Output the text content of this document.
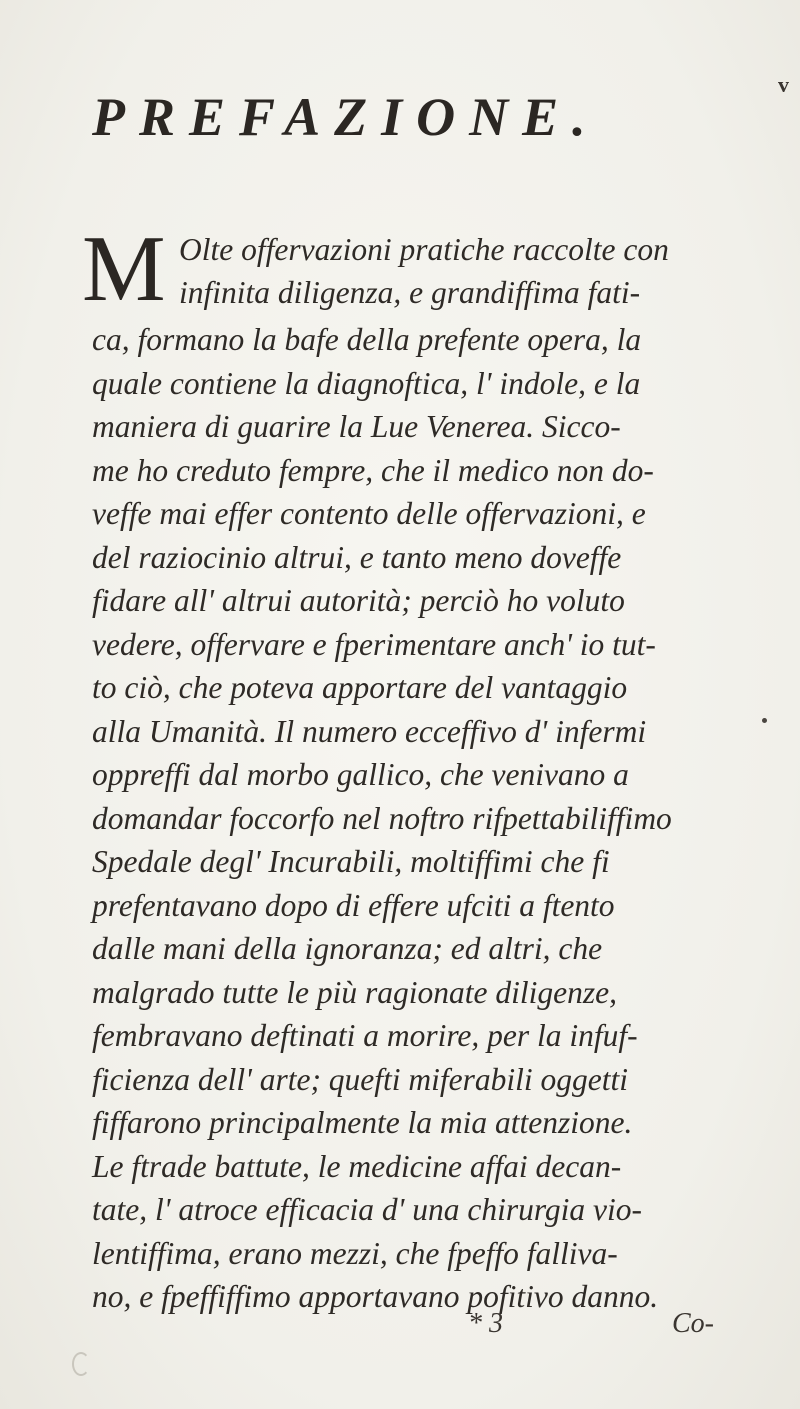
v
PREFAZIONE.
M Olte offervazioni pratiche raccolte con
infinita diligenza, e grandiffima fati-
ca, formano la bafe della prefente opera, la
quale contiene la diagnoftica, l' indole, e la
maniera di guarire la Lue Venerea. Sicco-
me ho creduto fempre, che il medico non do-
veffe mai effer contento delle offervazioni, e
del raziocinio altrui, e tanto meno doveffe
fidare all' altrui autorità; perciò ho voluto
vedere, offervare e fperimentare anch' io tut-
to ciò, che poteva apportare del vantaggio
alla Umanità. Il numero ecceffivo d' infermi
oppreffi dal morbo gallico, che venivano a
domandar foccorfo nel noftro rifpettabiliffimo
Spedale degl' Incurabili, moltiffimi che fi
prefentavano dopo di effere ufciti a ftento
dalle mani della ignoranza; ed altri, che
malgrado tutte le più ragionate diligenze,
fembravano deftinati a morire, per la infuf-
ficienza dell' arte; quefti miferabili oggetti
fiffarono principalmente la mia attenzione.
Le ftrade battute, le medicine affai decan-
tate, l' atroce efficacia d' una chirurgia vio-
lentiffima, erano mezzi, che fpeffo falliva-
no, e fpeffiffimo apportavano pofitivo danno.
* 3	Co-
